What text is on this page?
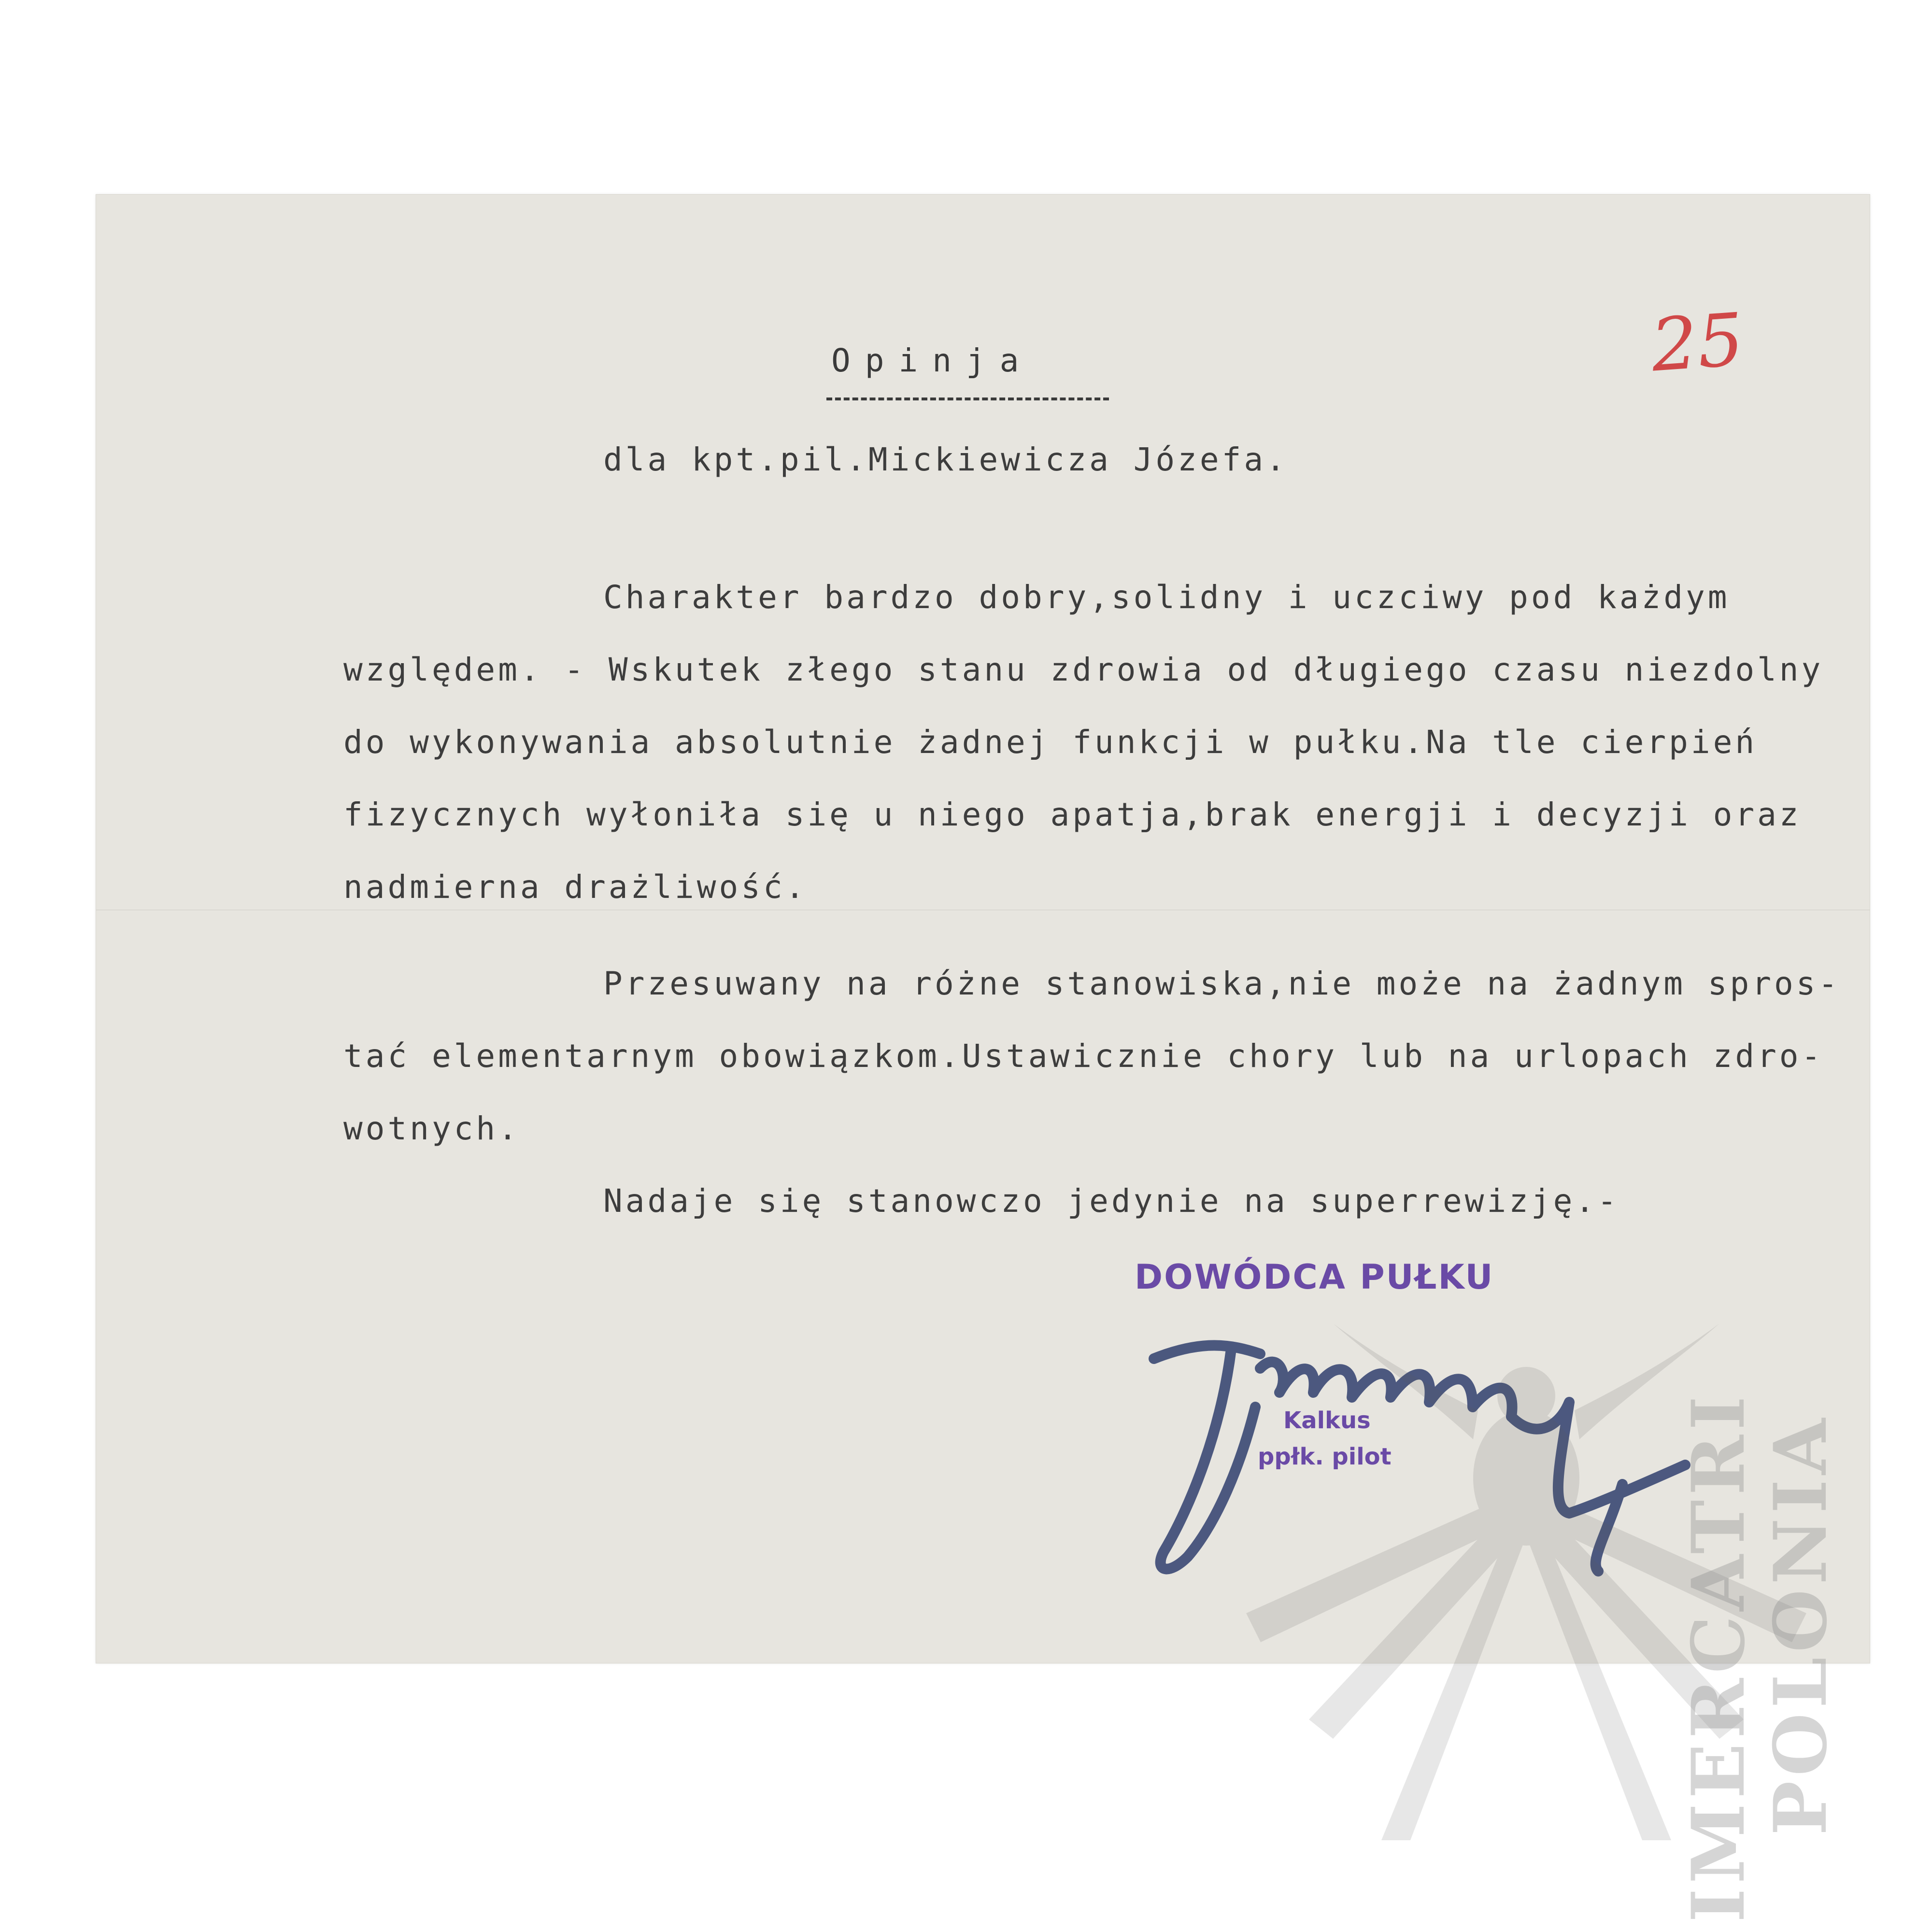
25
Opinja
dla kpt.pil.Mickiewicza Józefa.
Charakter bardzo dobry,solidny i uczciwy pod każdym
względem. - Wskutek złego stanu zdrowia od długiego czasu niezdolny
do wykonywania absolutnie żadnej funkcji w pułku.Na tle cierpień
fizycznych wyłoniła się u niego apatja,brak energji i decyzji oraz
nadmierna drażliwość.
Przesuwany na różne stanowiska,nie może na żadnym spros-
tać elementarnym obowiązkom.Ustawicznie chory lub na urlopach zdro-
wotnych.
Nadaje się stanowczo jedynie na superrewizję.-
DOWÓDCA PUŁKU
Kalkus
ppłk. pilot	IMERCATRI
POLONIA
